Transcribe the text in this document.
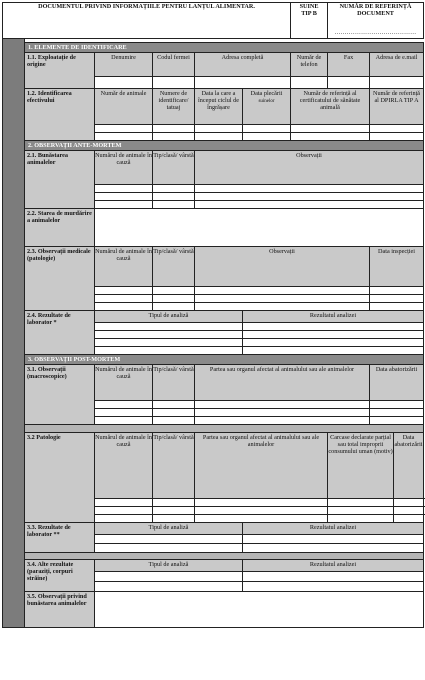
DOCUMENTUL PRIVIND INFORMAȚIILE PENTRU LANȚUL ALIMENTAR.						SUINE
TIP B	NUMĂR DE REFERINȚĂ DOCUMENT
........................................		

	1. ELEMENTE DE IDENTIFICARE								
	1.1. Exploatație de origine	Denumire	Codul fermei	Adresa completă		Număr de telefon	Fax	Adresa de e.mail	

	1.2. Identificarea efectivului	Număr de animale	Numere de identificare/ tatuaj	Data la care a început ciclul de îngrășare	Data plecării
suinelor	Număr de referință al certificatului de sănătate animală		Număr de referință al DPIRLA TIP A	

	2. OBSERVAȚII ANTE-MORTEM								
	2.1. Bunăstarea animalelor	Numărul de animale în cauză	Tip/clasă/ vârstă	Observații					

	2.2. Starea de murdărire a animalelor								
	2.3. Observații medicale (patologie)	Numărul de animale în cauză	Tip/clasă/ vârstă	Observații				Data inspecției	

	2.4. Rezultate de laborator *	Tipul de analiză			Rezultatul analizei				

	3. OBSERVAȚII POST-MORTEM								
	3.1. Observații (macroscopice)	Numărul de animale în cauză	Tip/clasă/ vârstă	Partea sau organul afectat al animalului sau ale animalelor				Data abatorizării	

	3.2 Patologie	Numărul de animale în cauză	Tip/clasă/ vârstă	Partea sau organul afectat al animalului sau ale animalelor			Carcase declarate parțial sau total improprii consumului uman (motiv)		Data abatorizării

	3.3. Rezultate de laborator **	Tipul de analiză			Rezultatul analizei				

	3.4. Alte rezultate (paraziți, corpuri străine)	Tipul de analiză			Rezultatul analizei				

	3.5. Observații privind bunăstarea animalelor								
